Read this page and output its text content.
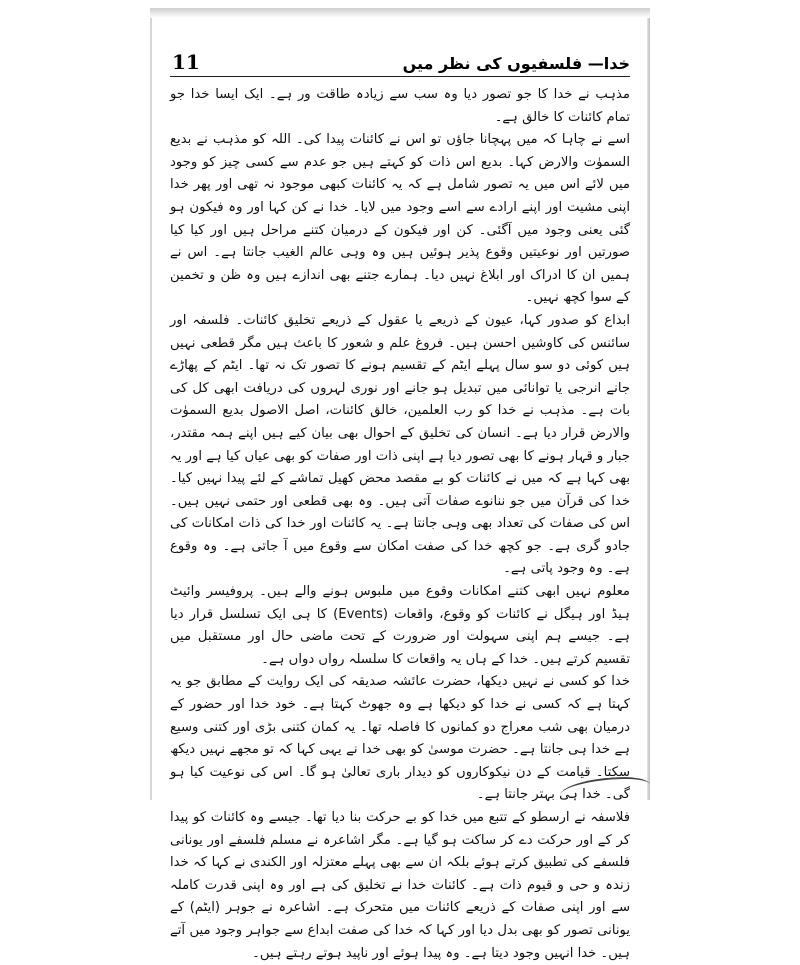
11	خدا— فلسفیوں کی نظر میں

مذہب نے خدا کا جو تصور دیا وہ سب سے زیادہ طاقت ور ہے۔ ایک ایسا خدا جو تمام کائنات کا خالق ہے۔

اسے نے چاہا کہ میں پہچانا جاؤں تو اس نے کائنات پیدا کی۔ اللہ کو مذہب نے بدیع السموٰت والارض کہا۔ بدیع اس ذات کو کہتے ہیں جو عدم سے کسی چیز کو وجود میں لائے اس میں یہ تصور شامل ہے کہ یہ کائنات کبھی موجود نہ تھی اور پھر خدا اپنی مشیت اور اپنے ارادے سے اسے وجود میں لایا۔ خدا نے کن کہا اور وہ فیکون ہو گئی یعنی وجود میں آگئی۔ کن اور فیکون کے درمیان کتنے مراحل ہیں اور کیا کیا صورتیں اور نوعیتیں وقوع پذیر ہوئیں ہیں وہ وہی عالم الغیب جانتا ہے۔ اس نے ہمیں ان کا ادراک اور ابلاغ نہیں دیا۔ ہمارے جتنے بھی اندازے ہیں وہ ظن و تخمین کے سوا کچھ نہیں۔

ابداع کو صدور کہا، عیون کے ذریعے یا عقول کے ذریعے تخلیق کائنات۔ فلسفہ اور سائنس کی کاوشیں احسن ہیں۔ فروغ علم و شعور کا باعث ہیں مگر قطعی نہیں ہیں کوئی دو سو سال پہلے ایٹم کے تقسیم ہونے کا تصور تک نہ تھا۔ ایٹم کے پھاڑے جانے انرجی یا توانائی میں تبدیل ہو جانے اور نوری لہروں کی دریافت ابھی کل کی بات ہے۔ مذہب نے خدا کو رب العلمین، خالق کائنات، اصل الاصول بدیع السموٰت والارض قرار دیا ہے۔ انسان کی تخلیق کے احوال بھی بیان کیے ہیں اپنے ہمہ مقتدر، جبار و قہار ہونے کا بھی تصور دیا ہے اپنی ذات اور صفات کو بھی عیاں کیا ہے اور یہ بھی کہا ہے کہ میں نے کائنات کو بے مقصد محض کھیل تماشے کے لئے پیدا نہیں کیا۔ خدا کی قرآن میں جو ننانوے صفات آتی ہیں۔ وہ بھی قطعی اور حتمی نہیں ہیں۔ اس کی صفات کی تعداد بھی وہی جانتا ہے۔ یہ کائنات اور خدا کی ذات امکانات کی جادو گری ہے۔ جو کچھ خدا کی صفت امکان سے وقوع میں آ جاتی ہے۔ وہ وقوع ہے۔ وہ وجود پاتی ہے۔

معلوم نہیں ابھی کتنے امکانات وقوع میں ملبوس ہونے والے ہیں۔ پروفیسر وائیٹ ہیڈ اور ہیگل نے کائنات کو وقوع، واقعات (Events) کا ہی ایک تسلسل قرار دیا ہے۔ جیسے ہم اپنی سہولت اور ضرورت کے تحت ماضی حال اور مستقبل میں تقسیم کرتے ہیں۔ خدا کے ہاں یہ واقعات کا سلسلہ رواں دواں ہے۔

خدا کو کسی نے نہیں دیکھا، حضرت عائشہ صدیقہ کی ایک روایت کے مطابق جو یہ کہتا ہے کہ کسی نے خدا کو دیکھا ہے وہ جھوٹ کہتا ہے۔ خود خدا اور حضور کے درمیان بھی شب معراج دو کمانوں کا فاصلہ تھا۔ یہ کمان کتنی بڑی اور کتنی وسیع ہے خدا ہی جانتا ہے۔ حضرت موسیٰ کو بھی خدا نے یہی کہا کہ تو مجھے نہیں دیکھ سکتا۔ قیامت کے دن نیکوکاروں کو دیدار باری تعالیٰ ہو گا۔ اس کی نوعیت کیا ہو گی۔ خدا ہی بہتر جانتا ہے۔

فلاسفہ نے ارسطو کے تتبع میں خدا کو بے حرکت بنا دیا تھا۔ جیسے وہ کائنات کو پیدا کر کے اور حرکت دے کر ساکت ہو گیا ہے۔ مگر اشاعرہ نے مسلم فلسفے اور یونانی فلسفے کی تطبیق کرتے ہوئے بلکہ ان سے بھی پہلے معتزلہ اور الکندی نے کہا کہ خدا زندہ و حی و قیوم ذات ہے۔ کائنات خدا نے تخلیق کی ہے اور وہ اپنی قدرت کاملہ سے اور اپنی صفات کے ذریعے کائنات میں متحرک ہے۔ اشاعرہ نے جوہر (ایٹم) کے یونانی تصور کو بھی بدل دیا اور کہا کہ خدا کی صفت ابداع سے جواہر وجود میں آتے ہیں۔ خدا انہیں وجود دیتا ہے۔ وہ پیدا ہوئے اور ناپید ہوتے رہتے ہیں۔
